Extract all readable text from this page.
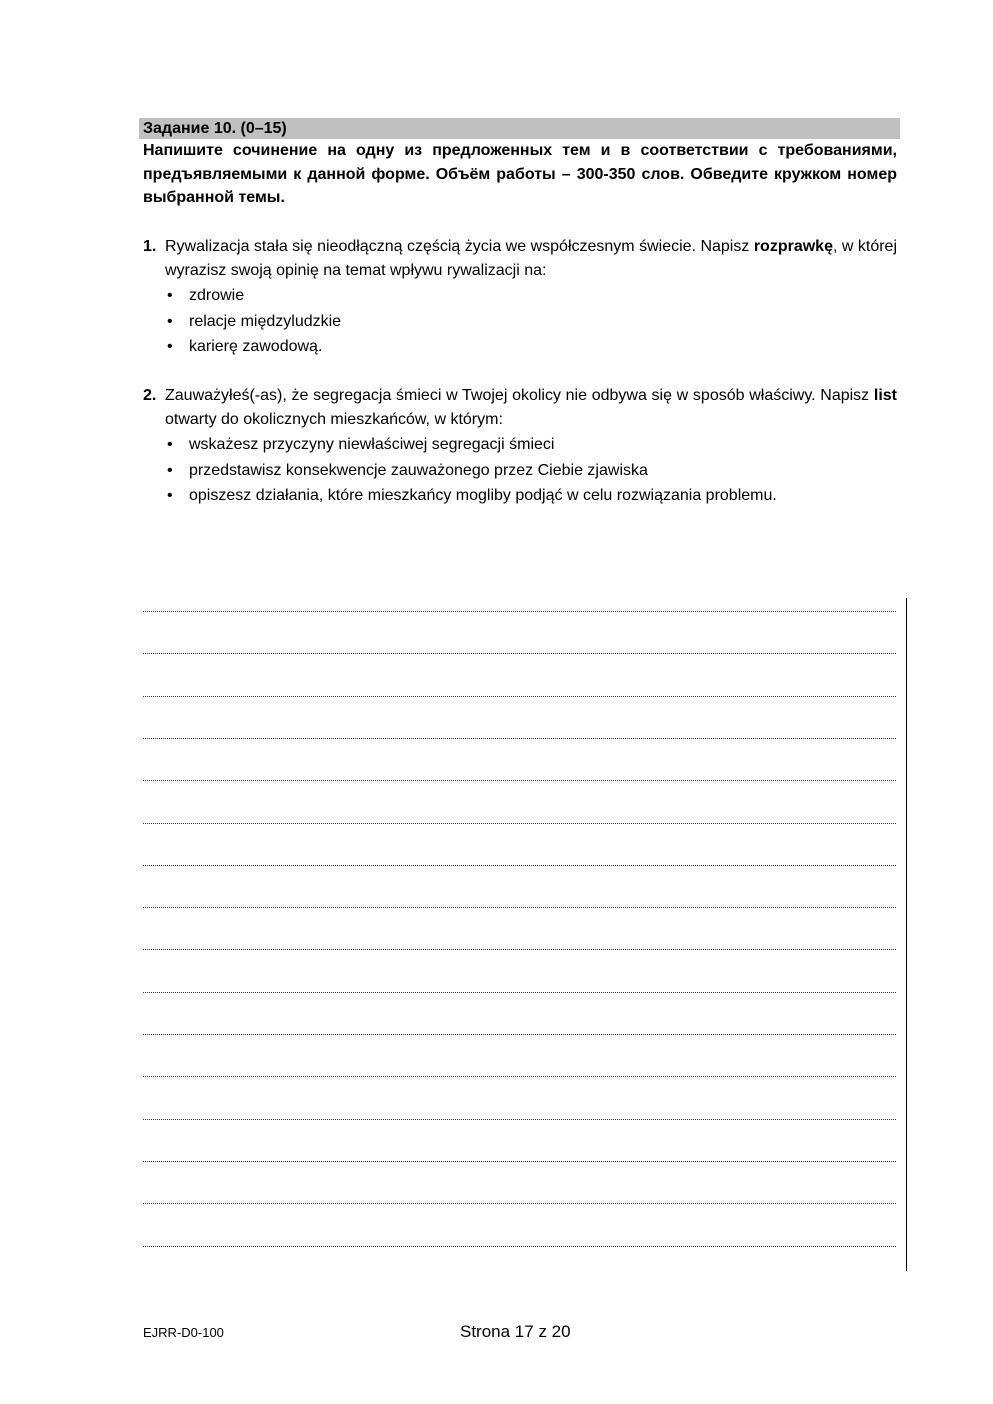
Задание 10. (0–15)
Напишите сочинение на одну из предложенных тем и в соответствии с требованиями, предъявляемыми к данной форме. Объём работы – 300-350 слов. Обведите кружком номер выбранной темы.
1. Rywalizacja stała się nieodłączną częścią życia we współczesnym świecie. Napisz rozprawkę, w której wyrazisz swoją opinię na temat wpływu rywalizacji na:
• zdrowie
• relacje międzyludzkie
• karierę zawodową.
2. Zauważyłeś(-as), że segregacja śmieci w Twojej okolicy nie odbywa się w sposób właściwy. Napisz list otwarty do okolicznych mieszkańców, w którym:
• wskażesz przyczyny niewłaściwej segregacji śmieci
• przedstawisz konsekwencje zauważonego przez Ciebie zjawiska
• opiszesz działania, które mieszkańcy mogliby podjąć w celu rozwiązania problemu.
EJRR-D0-100	Strona 17 z 20
